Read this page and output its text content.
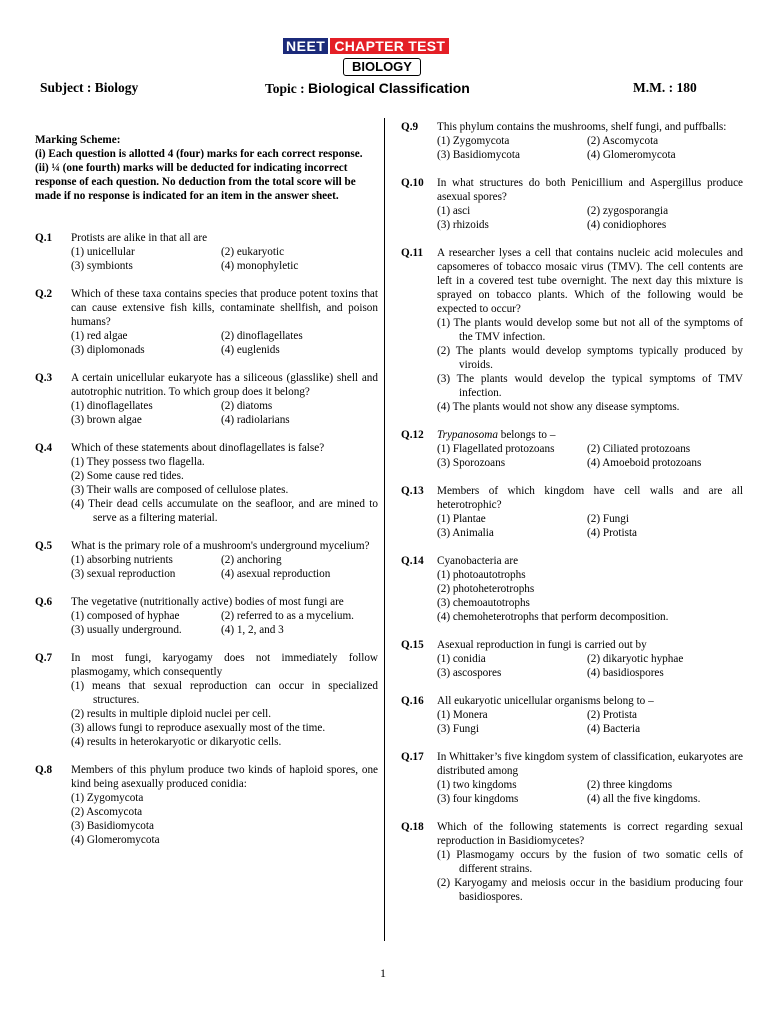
NEET CHAPTER TEST
BIOLOGY
Subject : Biology	Topic : Biological Classification	M.M. : 180
Marking Scheme:
(i) Each question is allotted 4 (four) marks for each correct response.
(ii) ¼ (one fourth) marks will be deducted for indicating incorrect response of each question. No deduction from the total score will be made if no response is indicated for an item in the answer sheet.
Q.1	Protists are alike in that all are
(1) unicellular	(2) eukaryotic
(3) symbionts	(4) monophyletic
Q.2	Which of these taxa contains species that produce potent toxins that can cause extensive fish kills, contaminate shellfish, and poison humans?
(1) red algae	(2) dinoflagellates
(3) diplomonads	(4) euglenids
Q.3	A certain unicellular eukaryote has a siliceous (glasslike) shell and autotrophic nutrition. To which group does it belong?
(1) dinoflagellates	(2) diatoms
(3) brown algae	(4) radiolarians
Q.4	Which of these statements about dinoflagellates is false?
(1) They possess two flagella.
(2) Some cause red tides.
(3) Their walls are composed of cellulose plates.
(4) Their dead cells accumulate on the seafloor, and are mined to serve as a filtering material.
Q.5	What is the primary role of a mushroom's underground mycelium?
(1) absorbing nutrients	(2) anchoring
(3) sexual reproduction	(4) asexual reproduction
Q.6	The vegetative (nutritionally active) bodies of most fungi are
(1) composed of hyphae	(2) referred to as a mycelium.
(3) usually underground.	(4) 1, 2, and 3
Q.7	In most fungi, karyogamy does not immediately follow plasmogamy, which consequently
(1) means that sexual reproduction can occur in specialized structures.
(2) results in multiple diploid nuclei per cell.
(3) allows fungi to reproduce asexually most of the time.
(4) results in heterokaryotic or dikaryotic cells.
Q.8	Members of this phylum produce two kinds of haploid spores, one kind being asexually produced conidia:
(1) Zygomycota
(2) Ascomycota
(3) Basidiomycota
(4) Glomeromycota
Q.9	This phylum contains the mushrooms, shelf fungi, and puffballs:
(1) Zygomycota	(2) Ascomycota
(3) Basidiomycota	(4) Glomeromycota
Q.10	In what structures do both Penicillium and Aspergillus produce asexual spores?
(1) asci	(2) zygosporangia
(3) rhizoids	(4) conidiophores
Q.11	A researcher lyses a cell that contains nucleic acid molecules and capsomeres of tobacco mosaic virus (TMV). The cell contents are left in a covered test tube overnight. The next day this mixture is sprayed on tobacco plants. Which of the following would be expected to occur?
(1) The plants would develop some but not all of the symptoms of the TMV infection.
(2) The plants would develop symptoms typically produced by viroids.
(3) The plants would develop the typical symptoms of TMV infection.
(4) The plants would not show any disease symptoms.
Q.12	Trypanosoma belongs to –
(1) Flagellated protozoans	(2) Ciliated protozoans
(3) Sporozoans	(4) Amoeboid protozoans
Q.13	Members of which kingdom have cell walls and are all heterotrophic?
(1) Plantae	(2) Fungi
(3) Animalia	(4) Protista
Q.14	Cyanobacteria are
(1) photoautotrophs
(2) photoheterotrophs
(3) chemoautotrophs
(4) chemoheterotrophs that perform decomposition.
Q.15	Asexual reproduction in fungi is carried out by
(1) conidia	(2) dikaryotic hyphae
(3) ascospores	(4) basidiospores
Q.16	All eukaryotic unicellular organisms belong to –
(1) Monera	(2) Protista
(3) Fungi	(4) Bacteria
Q.17	In Whittaker’s five kingdom system of classification, eukaryotes are distributed among
(1) two kingdoms	(2) three kingdoms
(3) four kingdoms	(4) all the five kingdoms.
Q.18	Which of the following statements is correct regarding sexual reproduction in Basidiomycetes?
(1) Plasmogamy occurs by the fusion of two somatic cells of different strains.
(2) Karyogamy and meiosis occur in the basidium producing four basidiospores.
1
